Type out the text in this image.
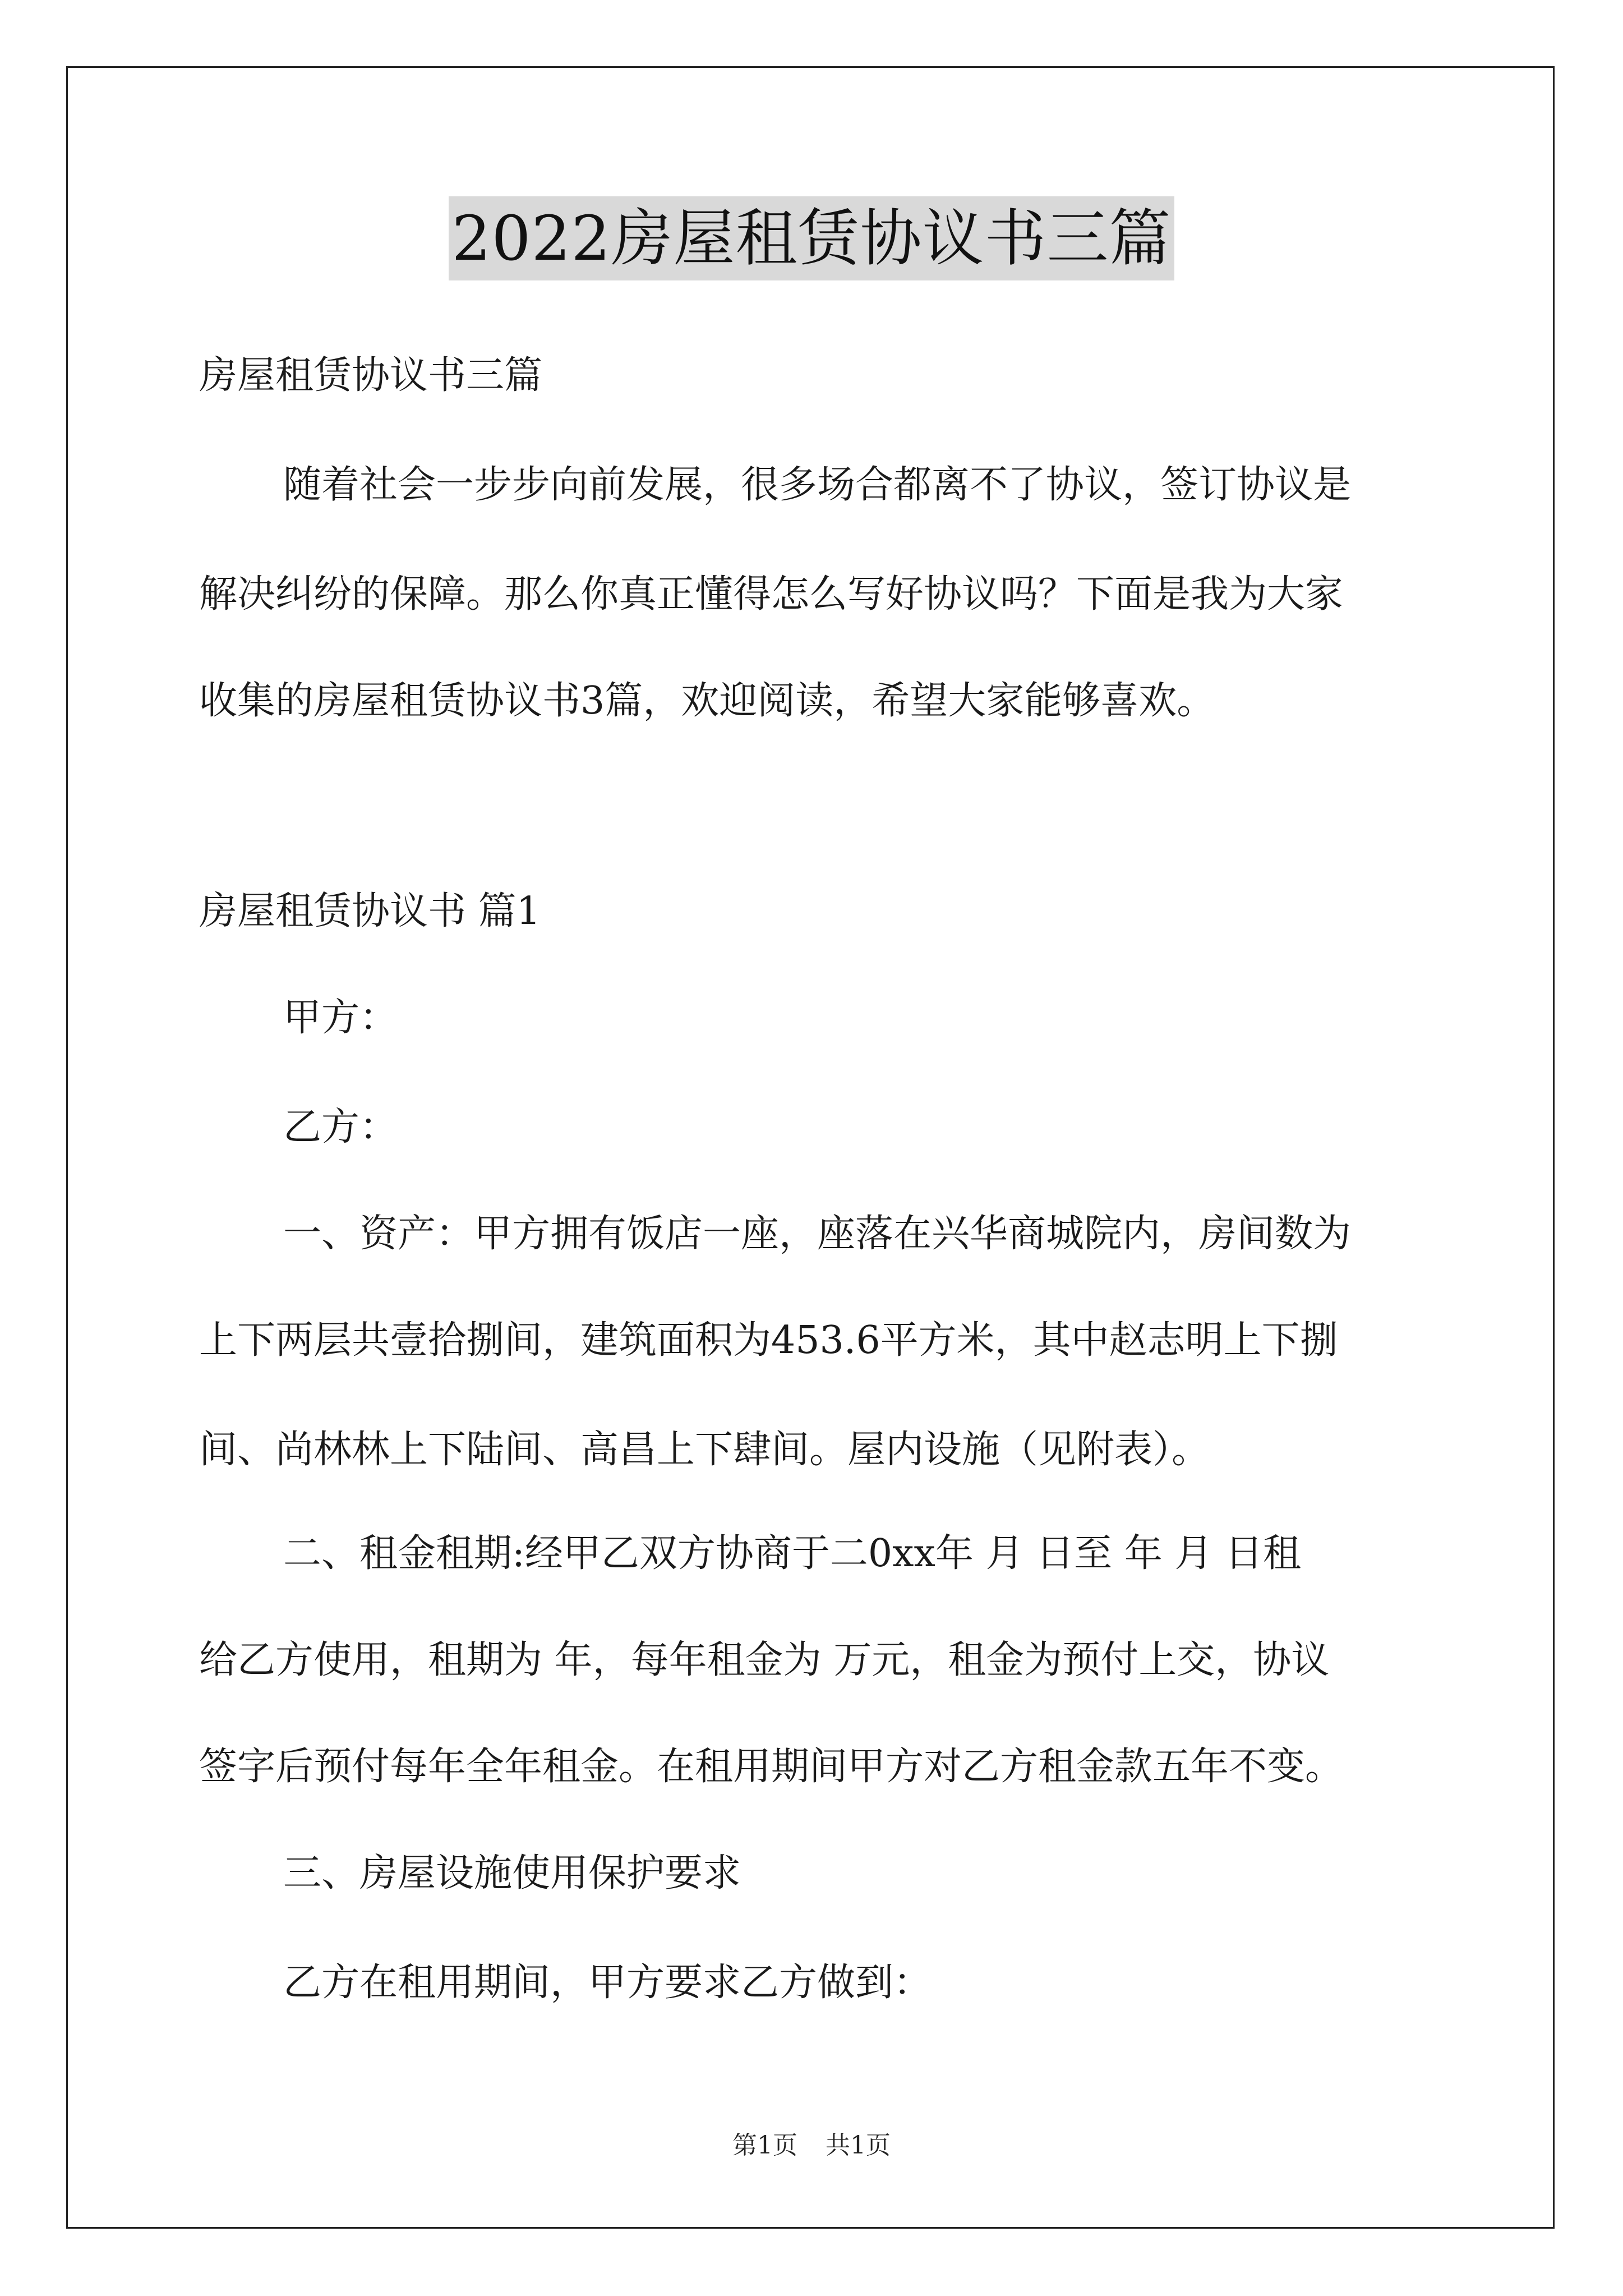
2022房屋租赁协议书三篇
房屋租赁协议书三篇
随着社会一步步向前发展，很多场合都离不了协议，签订协议是
解决纠纷的保障。那么你真正懂得怎么写好协议吗？下面是我为大家
收集的房屋租赁协议书3篇，欢迎阅读，希望大家能够喜欢。
房屋租赁协议书 篇1
甲方：
乙方：
一、资产：甲方拥有饭店一座，座落在兴华商城院内，房间数为
上下两层共壹拾捌间，建筑面积为453.6平方米，其中赵志明上下捌
间、尚林林上下陆间、高昌上下肆间。屋内设施（见附表）。
二、租金租期:经甲乙双方协商于二0xx年 月 日至 年 月 日租
给乙方使用，租期为 年，每年租金为 万元，租金为预付上交，协议
签字后预付每年全年租金。在租用期间甲方对乙方租金款五年不变。
三、房屋设施使用保护要求
乙方在租用期间，甲方要求乙方做到：
第1页 共1页
